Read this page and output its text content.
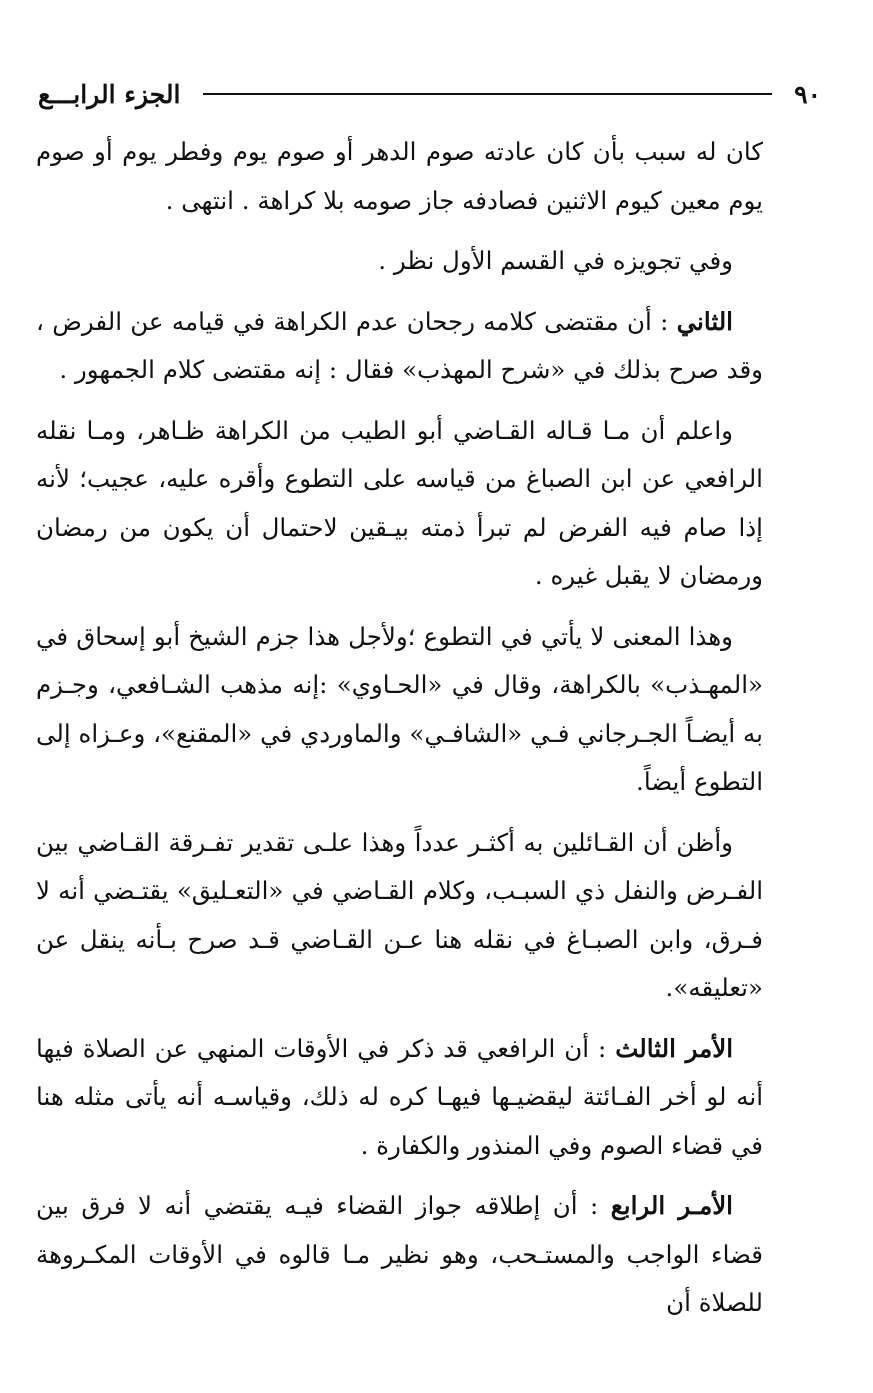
٩٠
الجزء الرابـــع

كان له سبب بأن كان عادته صوم الدهر أو صوم يوم وفطر يوم أو صوم يوم معين كيوم الاثنين فصادفه جاز صومه بلا كراهة . انتهى .

وفي تجويزه في القسم الأول نظر .

الثاني : أن مقتضى كلامه رجحان عدم الكراهة في قيامه عن الفرض ، وقد صرح بذلك في «شرح المهذب» فقال : إنه مقتضى كلام الجمهور .

واعلم أن مـا قـاله القـاضي أبو الطيب من الكراهة ظـاهر، ومـا نقله الرافعي عن ابن الصباغ من قياسه على التطوع وأقره عليه، عجيب؛ لأنه إذا صام فيه الفرض لم تبرأ ذمته بيـقين لاحتمال أن يكون من رمضان ورمضان لا يقبل غيره .

وهذا المعنى لا يأتي في التطوع ؛ولأجل هذا جزم الشيخ أبو إسحاق في «المهـذب» بالكراهة، وقال في «الحـاوي» :إنه مذهب الشـافعي، وجـزم به أيضـاً الجـرجاني فـي «الشافـي» والماوردي في «المقنع»، وعـزاه إلى التطوع أيضاً.

وأظن أن القـائلين به أكثـر عدداً وهذا علـى تقدير تفـرقة القـاضي بين الفـرض والنفل ذي السبـب، وكلام القـاضي في «التعـليق» يقتـضي أنه لا فـرق، وابن الصبـاغ في نقله هنا عـن القـاضي قـد صرح بـأنه ينقل عن «تعليقه».

الأمر الثالث : أن الرافعي قد ذكر في الأوقات المنهي عن الصلاة فيها أنه لو أخر الفـائتة ليقضيـها فيهـا كره له ذلك، وقياسـه أنه يأتى مثله هنا في قضاء الصوم وفي المنذور والكفارة .

الأمـر الرابع : أن إطلاقه جواز القضاء فيـه يقتضي أنه لا فرق بين قضاء الواجب والمستـحب، وهو نظير مـا قالوه في الأوقات المكـروهة للصلاة أن
